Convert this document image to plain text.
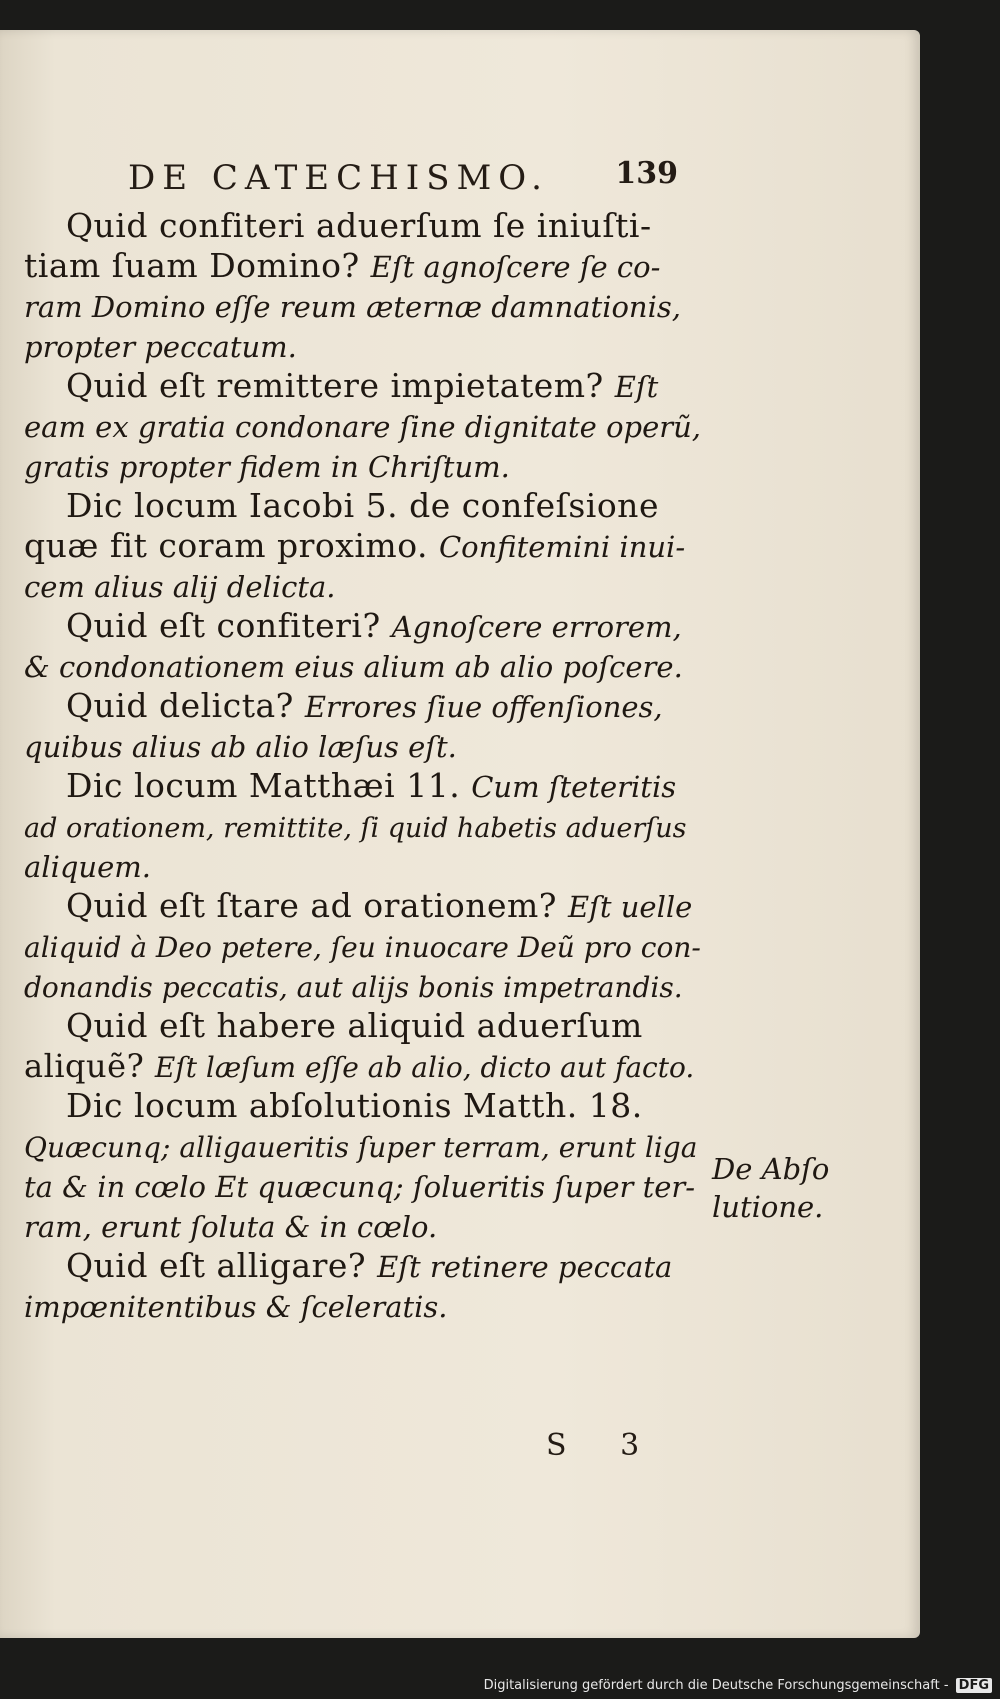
DE CATECHISMO. 139
Quid confiteri aduerſum ſe iniuſti-
tiam ſuam Domino? Eſt agnoſcere ſe co-
ram Domino eſſe reum æternæ damnationis,
propter peccatum.
Quid eſt remittere impietatem? Eſt
eam ex gratia condonare ſine dignitate operũ,
gratis propter fidem in Chriſtum.
Dic locum Iacobi 5. de confeſsione
quæ fit coram proximo. Confitemini inui-
cem alius alij delicta.
Quid eſt confiteri? Agnoſcere errorem,
& condonationem eius alium ab alio poſcere.
Quid delicta? Errores ſiue offenſiones,
quibus alius ab alio læſus eſt.
Dic locum Matthæi 11. Cum ſteteritis
ad orationem, remittite, ſi quid habetis aduerſus
aliquem.
Quid eſt ſtare ad orationem? Eſt uelle
aliquid à Deo petere, ſeu inuocare Deũ pro con-
donandis peccatis, aut alijs bonis impetrandis.
Quid eſt habere aliquid aduerſum
aliquẽ? Eſt læſum eſſe ab alio, dicto aut facto.
Dic locum abſolutionis Matth. 18.
Quæcunq; alligaueritis ſuper terram, erunt liga
ta & in cœlo Et quæcunq; ſolueritis ſuper ter-
ram, erunt ſoluta & in cœlo.
Quid eſt alligare? Eſt retinere peccata
impœnitentibus & ſceleratis.
De Abſo lutione.
S 3
Digitalisierung gefördert durch die Deutsche Forschungsgemeinschaft - DFG
